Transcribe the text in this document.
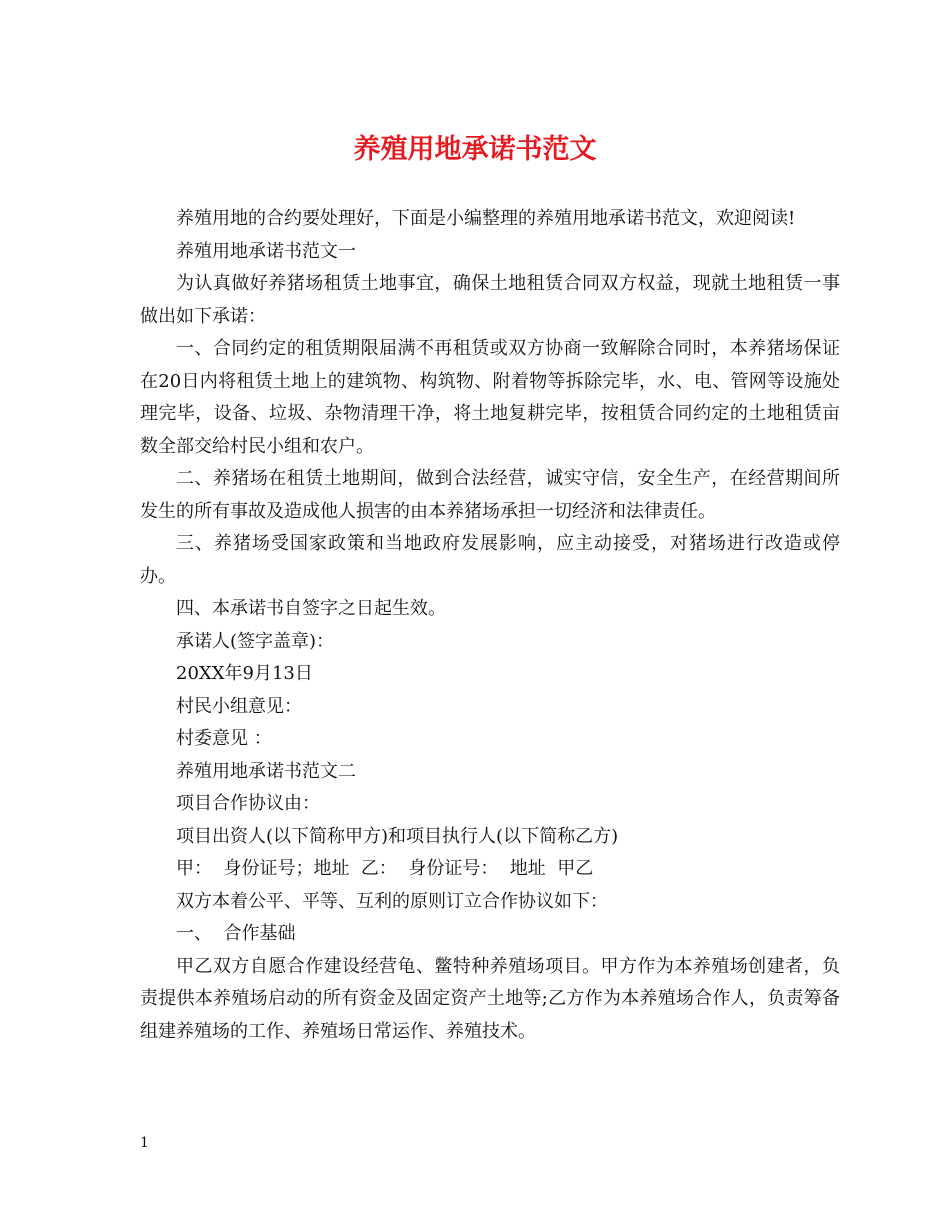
养殖用地承诺书范文

养殖用地的合约要处理好，下面是小编整理的养殖用地承诺书范文，欢迎阅读!

养殖用地承诺书范文一

为认真做好养猪场租赁土地事宜，确保土地租赁合同双方权益，现就土地租赁一事做出如下承诺：

一、合同约定的租赁期限届满不再租赁或双方协商一致解除合同时，本养猪场保证在20日内将租赁土地上的建筑物、构筑物、附着物等拆除完毕，水、电、管网等设施处理完毕，设备、垃圾、杂物清理干净，将土地复耕完毕，按租赁合同约定的土地租赁亩数全部交给村民小组和农户。

二、养猪场在租赁土地期间，做到合法经营，诚实守信，安全生产，在经营期间所发生的所有事故及造成他人损害的由本养猪场承担一切经济和法律责任。

三、养猪场受国家政策和当地政府发展影响，应主动接受，对猪场进行改造或停办。

四、本承诺书自签字之日起生效。

承诺人(签字盖章)：

20XX年9月13日

村民小组意见：

村委意见 ：

养殖用地承诺书范文二

项目合作协议由：

项目出资人(以下简称甲方)和项目执行人(以下简称乙方)

甲：  身份证号；地址  乙：  身份证号：  地址  甲乙

双方本着公平、平等、互利的原则订立合作协议如下：

一、  合作基础

甲乙双方自愿合作建设经营龟、鳖特种养殖场项目。甲方作为本养殖场创建者，负责提供本养殖场启动的所有资金及固定资产土地等;乙方作为本养殖场合作人，负责筹备组建养殖场的工作、养殖场日常运作、养殖技术。

1
